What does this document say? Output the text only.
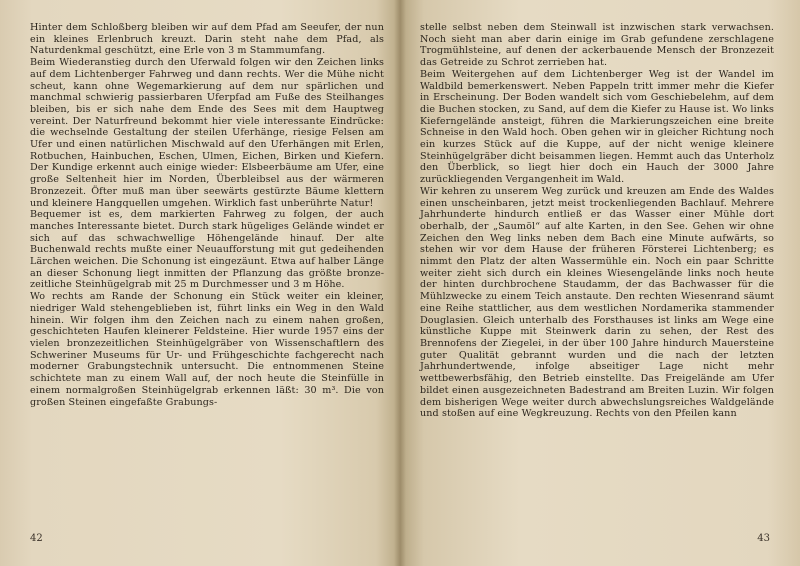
Hinter dem Schloßberg bleiben wir auf dem Pfad am Seeufer, der nun ein kleines Erlenbruch kreuzt. Darin steht nahe dem Pfad, als Naturdenkmal geschützt, eine Erle von 3 m Stammumfang.

Beim Wiederanstieg durch den Uferwald folgen wir den Zeichen links auf dem Lichtenberger Fahrweg und dann rechts. Wer die Mühe nicht scheut, kann ohne Wegemarkierung auf dem nur spärlichen und manchmal schwierig passierbaren Uferpfad am Fuße des Steilhanges bleiben, bis er sich nahe dem Ende des Sees mit dem Hauptweg vereint. Der Naturfreund bekommt hier viele interessante Eindrücke: die wechselnde Gestaltung der steilen Uferhänge, riesige Felsen am Ufer und einen natürlichen Mischwald auf den Uferhängen mit Erlen, Rotbuchen, Hainbuchen, Eschen, Ulmen, Eichen, Birken und Kiefern. Der Kundige erkennt auch einige wieder: Elsbeerbäume am Ufer, eine große Seltenheit hier im Norden, Überbleibsel aus der wärmeren Bronzezeit. Öfter muß man über seewärts gestürzte Bäume klettern und kleinere Hangquellen umgehen. Wirklich fast unberührte Natur!

Bequemer ist es, dem markierten Fahrweg zu folgen, der auch manches Interessante bietet. Durch stark hügeliges Gelände windet er sich auf das schwachwellige Höhengelände hinauf. Der alte Buchenwald rechts mußte einer Neuaufforstung mit gut gedeihenden Lärchen weichen. Die Schonung ist eingezäunt. Etwa auf halber Länge an dieser Schonung liegt inmitten der Pflanzung das größte bronzezeitliche Steinhügelgrab mit 25 m Durchmesser und 3 m Höhe.

Wo rechts am Rande der Schonung ein Stück weiter ein kleiner, niedriger Wald stehengeblieben ist, führt links ein Weg in den Wald hinein. Wir folgen ihm den Zeichen nach zu einem nahen großen, geschichteten Haufen kleinerer Feldsteine. Hier wurde 1957 eins der vielen bronzezeitlichen Steinhügelgräber von Wissenschaftlern des Schweriner Museums für Ur- und Frühgeschichte fachgerecht nach moderner Grabungstechnik untersucht. Die entnommenen Steine schichtete man zu einem Wall auf, der noch heute die Steinfülle in einem normalgroßen Steinhügelgrab erkennen läßt: 30 m³. Die von großen Steinen eingefaßte Grabungs-

42

stelle selbst neben dem Steinwall ist inzwischen stark verwachsen. Noch sieht man aber darin einige im Grab gefundene zerschlagene Trogmühlsteine, auf denen der ackerbauende Mensch der Bronzezeit das Getreide zu Schrot zerrieben hat.

Beim Weitergehen auf dem Lichtenberger Weg ist der Wandel im Waldbild bemerkenswert. Neben Pappeln tritt immer mehr die Kiefer in Erscheinung. Der Boden wandelt sich vom Geschiebelehm, auf dem die Buchen stocken, zu Sand, auf dem die Kiefer zu Hause ist. Wo links Kieferngelände ansteigt, führen die Markierungszeichen eine breite Schneise in den Wald hoch. Oben gehen wir in gleicher Richtung noch ein kurzes Stück auf die Kuppe, auf der nicht wenige kleinere Steinhügelgräber dicht beisammen liegen. Hemmt auch das Unterholz den Überblick, so liegt hier doch ein Hauch der 3000 Jahre zurückliegenden Vergangenheit im Wald.

Wir kehren zu unserem Weg zurück und kreuzen am Ende des Waldes einen unscheinbaren, jetzt meist trockenliegenden Bachlauf. Mehrere Jahrhunderte hindurch entließ er das Wasser einer Mühle dort oberhalb, der „Saumöl“ auf alte Karten, in den See. Gehen wir ohne Zeichen den Weg links neben dem Bach eine Minute aufwärts, so stehen wir vor dem Hause der früheren Försterei Lichtenberg; es nimmt den Platz der alten Wassermühle ein. Noch ein paar Schritte weiter zieht sich durch ein kleines Wiesengelände links noch heute der hinten durchbrochene Staudamm, der das Bachwasser für die Mühlzwecke zu einem Teich anstaute. Den rechten Wiesenrand säumt eine Reihe stattlicher, aus dem westlichen Nordamerika stammender Douglasien. Gleich unterhalb des Forsthauses ist links am Wege eine künstliche Kuppe mit Steinwerk darin zu sehen, der Rest des Brennofens der Ziegelei, in der über 100 Jahre hindurch Mauersteine guter Qualität gebrannt wurden und die nach der letzten Jahrhundertwende, infolge abseitiger Lage nicht mehr wettbewerbsfähig, den Betrieb einstellte. Das Freigelände am Ufer bildet einen ausgezeichneten Badestrand am Breiten Luzin. Wir folgen dem bisherigen Wege weiter durch abwechslungsreiches Waldgelände und stoßen auf eine Wegkreuzung. Rechts von den Pfeilen kann

43
